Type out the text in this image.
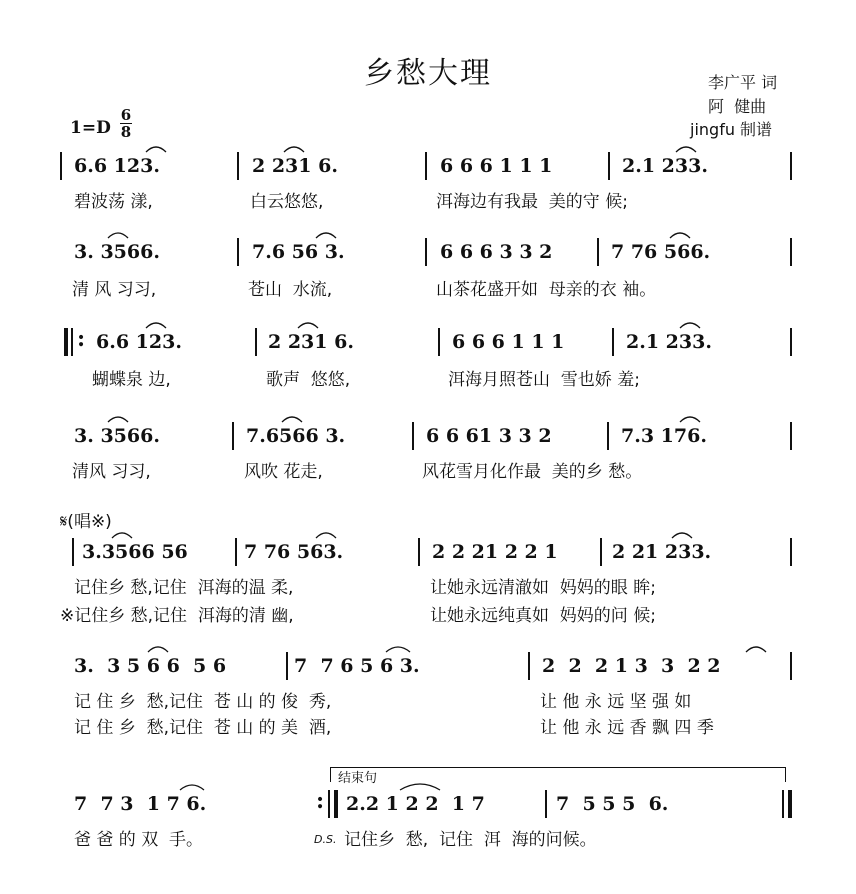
乡愁大理	李广平 词
阿  健曲
jingfu 制谱
1=D
6
8
6.6 123.	2 231 6.	6 6 6 1 1 1	2.1 233.
碧波荡 漾,	白云悠悠,	洱海边有我最  美的守 候;
3. 3566.	7.6 56 3.	6 6 6 3 3 2	7 76 566.
清 风 习习,	苍山  水流,	山茶花盛开如  母亲的衣 袖。
: 6.6 123.	2 231 6.	6 6 6 1 1 1	2.1 233.
蝴蝶泉 边,	歌声  悠悠,	洱海月照苍山  雪也娇 羞;
3. 3566.	7.6566 3.	6 6 61 3 3 2	7.3 176.
清风 习习,	风吹 花走,	风花雪月化作最  美的乡 愁。
𝄋(唱※)
3.3566 56	7 76 563.	2 2 21 2 2 1	2 21 233.
记住乡 愁,记住  洱海的温 柔,	让她永远清澈如  妈妈的眼 眸;
※记住乡 愁,记住  洱海的清 幽,	让她永远纯真如  妈妈的问 候;
3.  3 5 6 6  5 6	7  7 6 5 6 3.	2  2  2 1 3  3  2 2
记 住 乡  愁,记住  苍 山 的 俊  秀,	让 他 永 远 坚 强 如
记 住 乡  愁,记住  苍 山 的 美  酒,	让 他 永 远 香 飘 四 季
结束句
7  7 3  1 7 6.	: 2.2 1 2 2  1 7	7  5 5 5  6.
爸 爸 的 双  手。	D.S. 记住乡  愁,  记住  洱  海的问候。
